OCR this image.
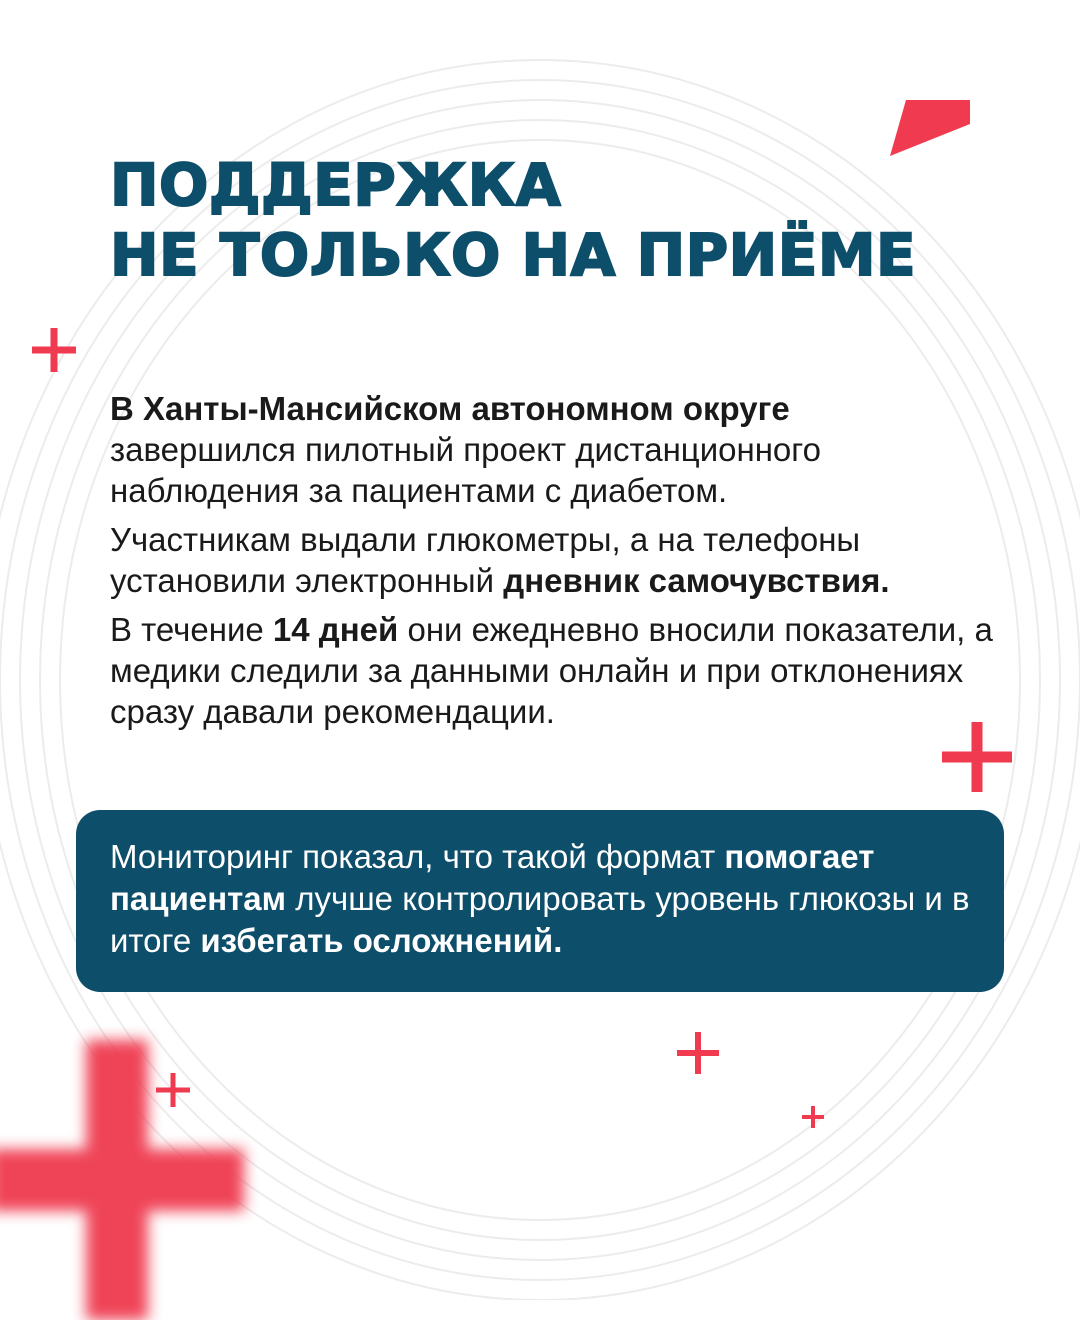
ПОДДЕРЖКА
НЕ ТОЛЬКО НА ПРИЁМЕ

В Ханты-Мансийском автономном округе
завершился пилотный проект дистанционного наблюдения за пациентами с диабетом.

Участникам выдали глюкометры, а на телефоны установили электронный дневник самочувствия.

В течение 14 дней они ежедневно вносили показатели, а медики следили за данными онлайн и при отклонениях сразу давали рекомендации.

Мониторинг показал, что такой формат помогает пациентам лучше контролировать уровень глюкозы и в итоге избегать осложнений.
